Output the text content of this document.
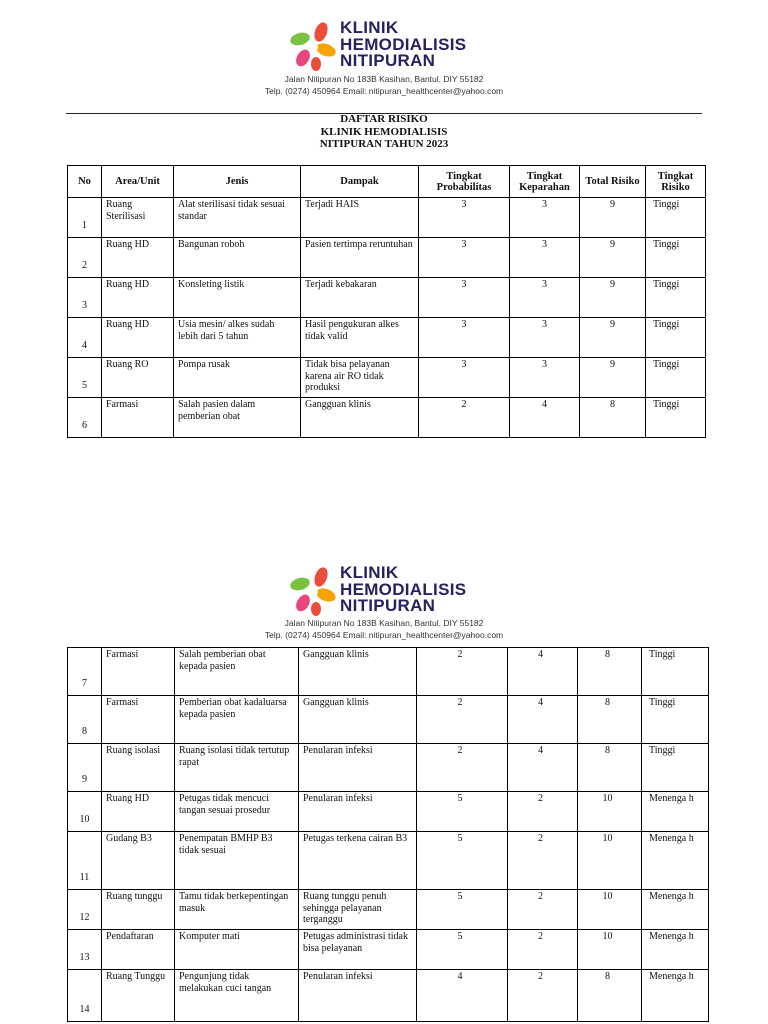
KLINIK
HEMODIALISIS
NITIPURAN
Jalan Nitipuran No 183B Kasihan, Bantul, DIY 55182
Telp. (0274) 450964 Email: nitipuran_healthcenter@yahoo.com
DAFTAR RISIKO
KLINIK HEMODIALISIS
NITIPURAN TAHUN 2023
No	Area/Unit	Jenis	Dampak	Tingkat Probabilitas	Tingkat Keparahan	Total Risiko	Tingkat Risiko
1	Ruang Sterilisasi	Alat sterilisasi tidak sesuai standar	Terjadi HAIS	3	3	9	Tinggi
2	Ruang HD	Bangunan roboh	Pasien tertimpa reruntuhan	3	3	9	Tinggi
3	Ruang HD	Konsleting listik	Terjadi kebakaran	3	3	9	Tinggi
4	Ruang HD	Usia mesin/ alkes sudah lebih dari 5 tahun	Hasil pengukuran alkes tidak valid	3	3	9	Tinggi
5	Ruang RO	Pompa rusak	Tidak bisa pelayanan karena air RO tidak produksi	3	3	9	Tinggi
6	Farmasi	Salah pasien dalam pemberian obat	Gangguan klinis	2	4	8	Tinggi
KLINIK
HEMODIALISIS
NITIPURAN
Jalan Nitipuran No 183B Kasihan, Bantul, DIY 55182
Telp. (0274) 450964 Email: nitipuran_healthcenter@yahoo.com
7	Farmasi	Salah pemberian obat kepada pasien	Gangguan klinis	2	4	8	Tinggi
8	Farmasi	Pemberian obat kadaluarsa kepada pasien	Gangguan klinis	2	4	8	Tinggi
9	Ruang isolasi	Ruang isolasi tidak tertutup rapat	Penularan infeksi	2	4	8	Tinggi
10	Ruang HD	Petugas tidak mencuci tangan sesuai prosedur	Penularan infeksi	5	2	10	Menenga h
11	Gudang B3	Penempatan BMHP B3 tidak sesuai	Petugas terkena cairan B3	5	2	10	Menenga h
12	Ruang tunggu	Tamu tidak berkepentingan masuk	Ruang tunggu penuh sehingga pelayanan terganggu	5	2	10	Menenga h
13	Pendaftaran	Komputer mati	Petugas administrasi tidak bisa pelayanan	5	2	10	Menenga h
14	Ruang Tunggu	Pengunjung tidak melakukan cuci tangan	Penularan infeksi	4	2	8	Menenga h
